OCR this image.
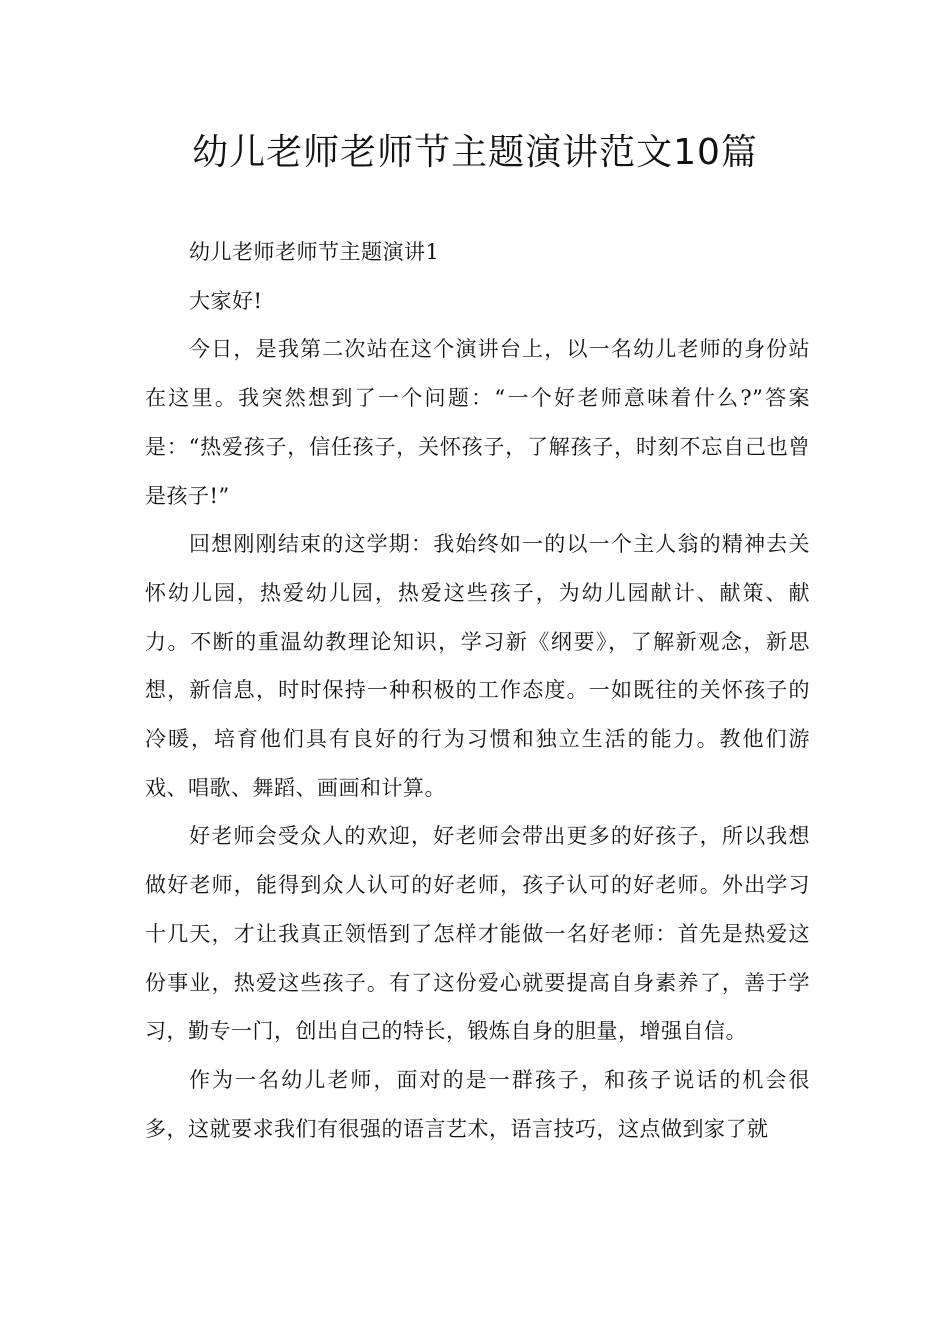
幼儿老师老师节主题演讲范文10篇

幼儿老师老师节主题演讲1

大家好!

今日，是我第二次站在这个演讲台上，以一名幼儿老师的身份站在这里。我突然想到了一个问题：“一个好老师意味着什么?”答案是：“热爱孩子，信任孩子，关怀孩子，了解孩子，时刻不忘自己也曾是孩子!”

回想刚刚结束的这学期：我始终如一的以一个主人翁的精神去关怀幼儿园，热爱幼儿园，热爱这些孩子，为幼儿园献计、献策、献力。不断的重温幼教理论知识，学习新《纲要》，了解新观念，新思想，新信息，时时保持一种积极的工作态度。一如既往的关怀孩子的冷暖，培育他们具有良好的行为习惯和独立生活的能力。教他们游戏、唱歌、舞蹈、画画和计算。

好老师会受众人的欢迎，好老师会带出更多的好孩子，所以我想做好老师，能得到众人认可的好老师，孩子认可的好老师。外出学习十几天，才让我真正领悟到了怎样才能做一名好老师：首先是热爱这份事业，热爱这些孩子。有了这份爱心就要提高自身素养了，善于学习，勤专一门，创出自己的特长，锻炼自身的胆量，增强自信。

作为一名幼儿老师，面对的是一群孩子，和孩子说话的机会很多，这就要求我们有很强的语言艺术，语言技巧，这点做到家了就
